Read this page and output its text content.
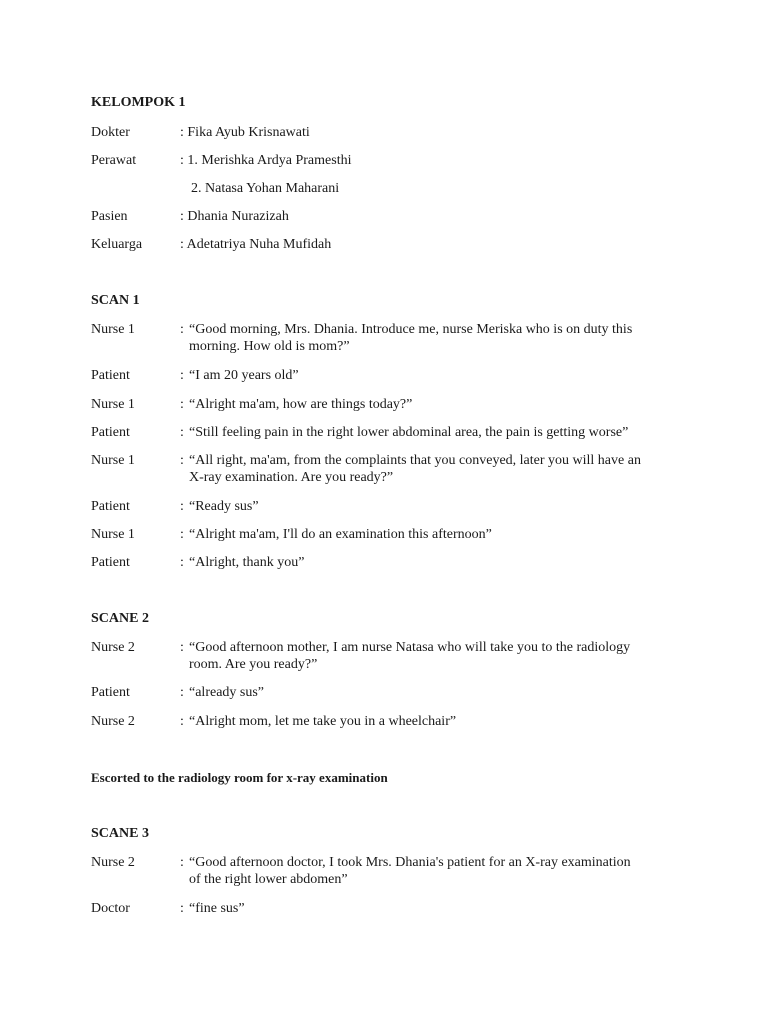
KELOMPOK 1
Dokter	: Fika Ayub Krisnawati
Perawat	: 1. Merishka Ardya Pramesthi
2. Natasa Yohan Maharani
Pasien	: Dhania Nurazizah
Keluarga	: Adetatriya Nuha Mufidah
SCAN 1
Nurse 1	: “Good morning, Mrs. Dhania. Introduce me, nurse Meriska who is on duty this
morning. How old is mom?”
Patient	: “I am 20 years old”
Nurse 1	: “Alright ma'am, how are things today?”
Patient	: “Still feeling pain in the right lower abdominal area, the pain is getting worse”
Nurse 1	: “All right, ma'am, from the complaints that you conveyed, later you will have an
X-ray examination. Are you ready?”
Patient	: “Ready sus”
Nurse 1	: “Alright ma'am, I'll do an examination this afternoon”
Patient	: “Alright, thank you”
SCANE 2
Nurse 2	: “Good afternoon mother, I am nurse Natasa who will take you to the radiology
room. Are you ready?”
Patient	: “already sus”
Nurse 2	: “Alright mom, let me take you in a wheelchair”
Escorted to the radiology room for x-ray examination
SCANE 3
Nurse 2	: “Good afternoon doctor, I took Mrs. Dhania's patient for an X-ray examination
of the right lower abdomen”
Doctor	: “fine sus”
